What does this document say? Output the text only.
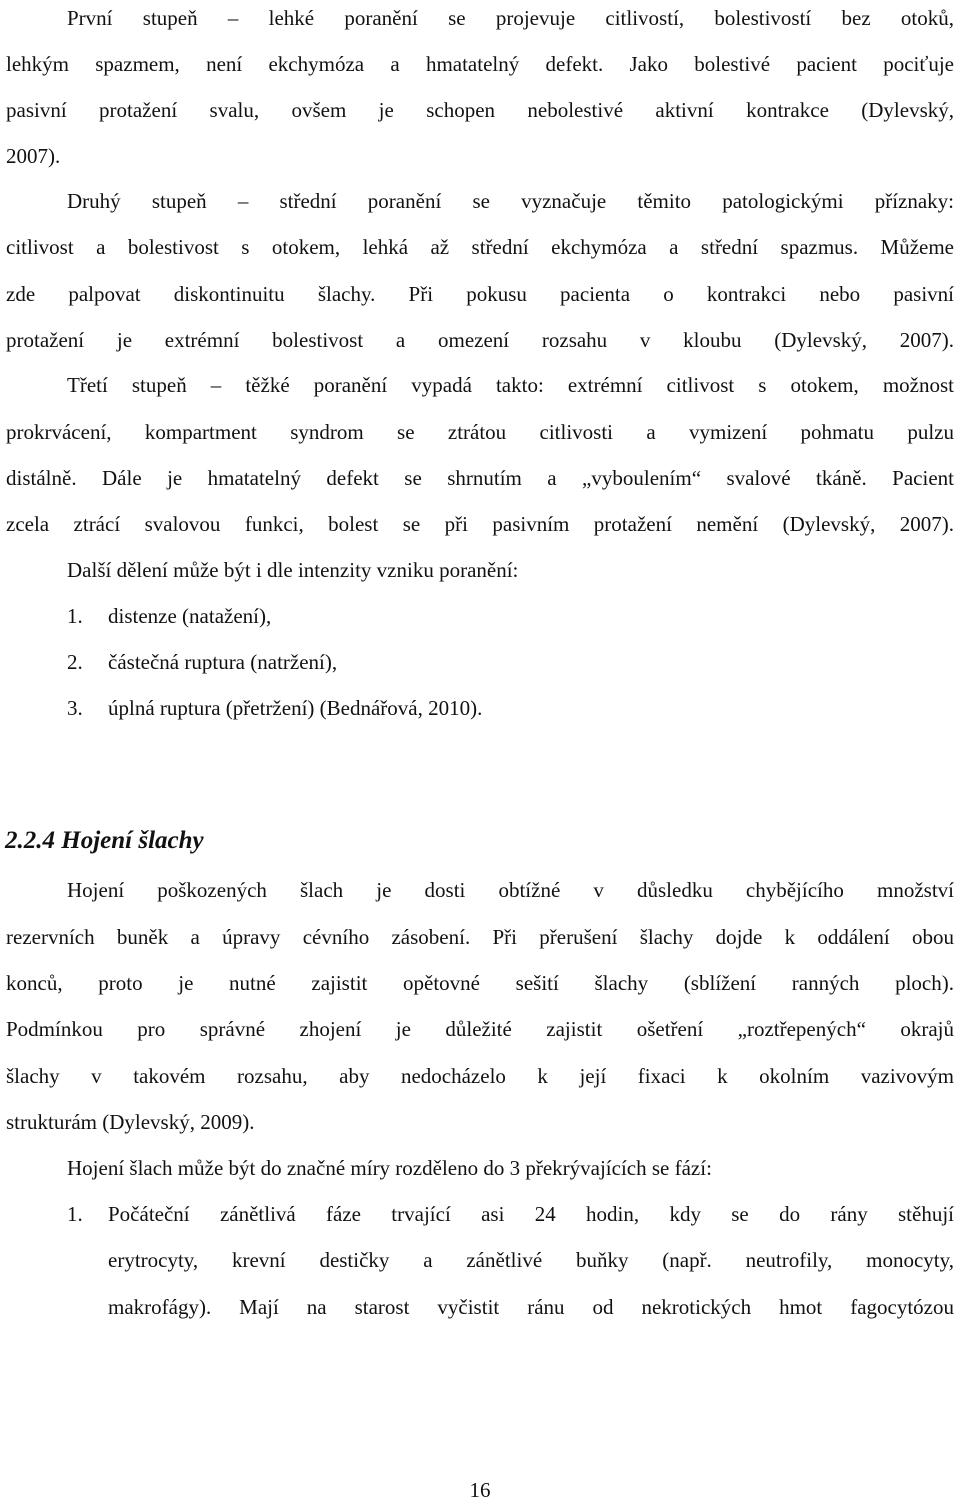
První stupeň – lehké poranění se projevuje citlivostí, bolestivostí bez otoků,
lehkým spazmem, není ekchymóza a hmatatelný defekt. Jako bolestivé pacient pociťuje
pasivní protažení svalu, ovšem je schopen nebolestivé aktivní kontrakce (Dylevský,
2007).
Druhý stupeň – střední poranění se vyznačuje těmito patologickými příznaky:
citlivost a bolestivost s otokem, lehká až střední ekchymóza a střední spazmus. Můžeme
zde palpovat diskontinuitu šlachy. Při pokusu pacienta o kontrakci nebo pasivní
protažení je extrémní bolestivost a omezení rozsahu v kloubu (Dylevský, 2007).
Třetí stupeň – těžké poranění vypadá takto: extrémní citlivost s otokem, možnost
prokrvácení, kompartment syndrom se ztrátou citlivosti a vymizení pohmatu pulzu
distálně. Dále je hmatatelný defekt se shrnutím a „vyboulením“ svalové tkáně. Pacient
zcela ztrácí svalovou funkci, bolest se při pasivním protažení nemění (Dylevský, 2007).
Další dělení může být i dle intenzity vzniku poranění:
1. distenze (natažení),
2. částečná ruptura (natržení),
3. úplná ruptura (přetržení) (Bednářová, 2010).
2.2.4 Hojení šlachy
Hojení poškozených šlach je dosti obtížné v důsledku chybějícího množství
rezervních buněk a úpravy cévního zásobení. Při přerušení šlachy dojde k oddálení obou
konců, proto je nutné zajistit opětovné sešití šlachy (sblížení ranných ploch).
Podmínkou pro správné zhojení je důležité zajistit ošetření „roztřepených“ okrajů
šlachy v takovém rozsahu, aby nedocházelo k její fixaci k okolním vazivovým
strukturám (Dylevský, 2009).
Hojení šlach může být do značné míry rozděleno do 3 překrývajících se fází:
1.	Počáteční zánětlivá fáze trvající asi 24 hodin, kdy se do rány stěhují
erytrocyty, krevní destičky a zánětlivé buňky (např. neutrofily, monocyty,
makrofágy). Mají na starost vyčistit ránu od nekrotických hmot fagocytózou
16
